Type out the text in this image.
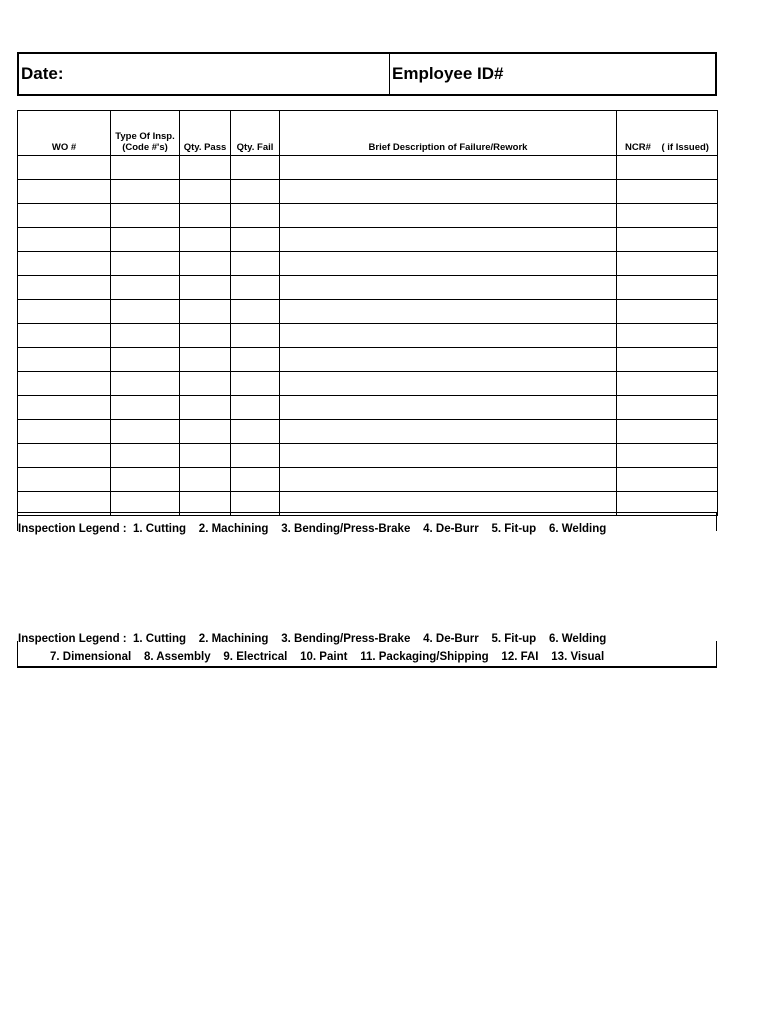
Date:	Employee ID#
WO #	Type Of Insp. (Code #'s)	Qty. Pass	Qty. Fail	Brief Description of Failure/Rework	NCR#    ( if Issued)

Inspection Legend :  1. Cutting    2. Machining    3. Bending/Press-Brake    4. De-Burr    5. Fit-up    6. Welding
Inspection Legend :  1. Cutting    2. Machining    3. Bending/Press-Brake    4. De-Burr    5. Fit-up    6. Welding
7. Dimensional    8. Assembly    9. Electrical    10. Paint    11. Packaging/Shipping    12. FAI    13. Visual
